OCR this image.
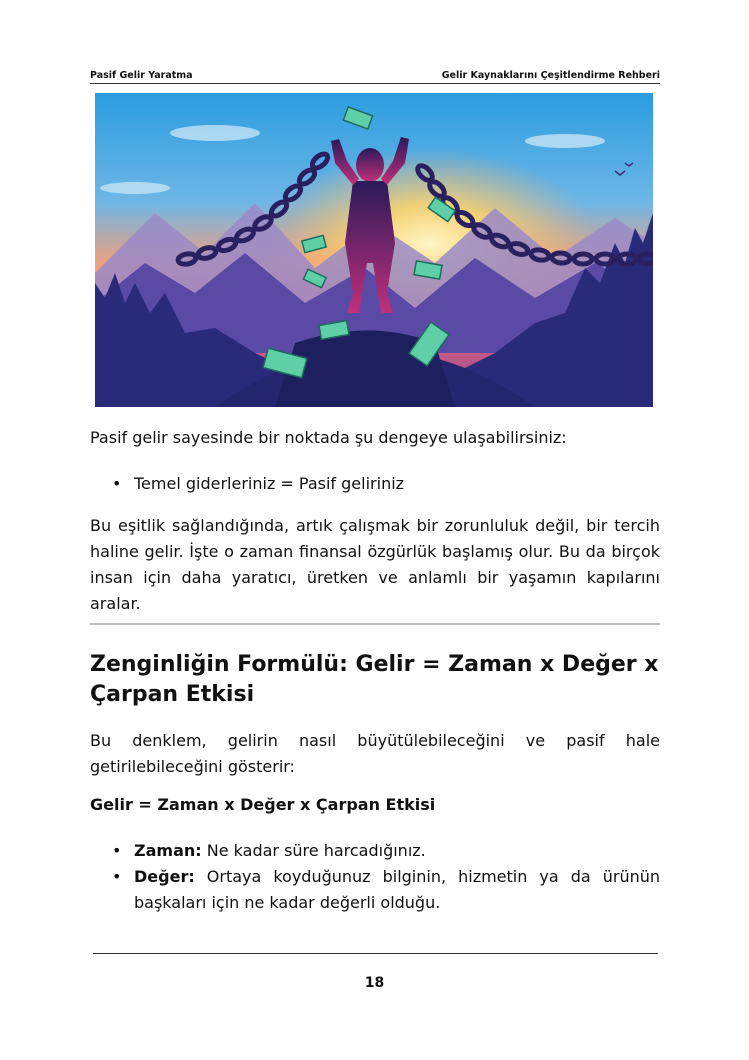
Pasif Gelir Yaratma	Gelir Kaynaklarını Çeşitlendirme Rehberi

Pasif gelir sayesinde bir noktada şu dengeye ulaşabilirsiniz:

• Temel giderleriniz = Pasif geliriniz

Bu eşitlik sağlandığında, artık çalışmak bir zorunluluk değil, bir tercih haline gelir. İşte o zaman finansal özgürlük başlamış olur. Bu da birçok insan için daha yaratıcı, üretken ve anlamlı bir yaşamın kapılarını aralar.

Zenginliğin Formülü: Gelir = Zaman x Değer x Çarpan Etkisi

Bu denklem, gelirin nasıl büyütülebileceğini ve pasif hale getirilebileceğini gösterir:

Gelir = Zaman x Değer x Çarpan Etkisi

• Zaman: Ne kadar süre harcadığınız.
• Değer: Ortaya koyduğunuz bilginin, hizmetin ya da ürünün başkaları için ne kadar değerli olduğu.
18
